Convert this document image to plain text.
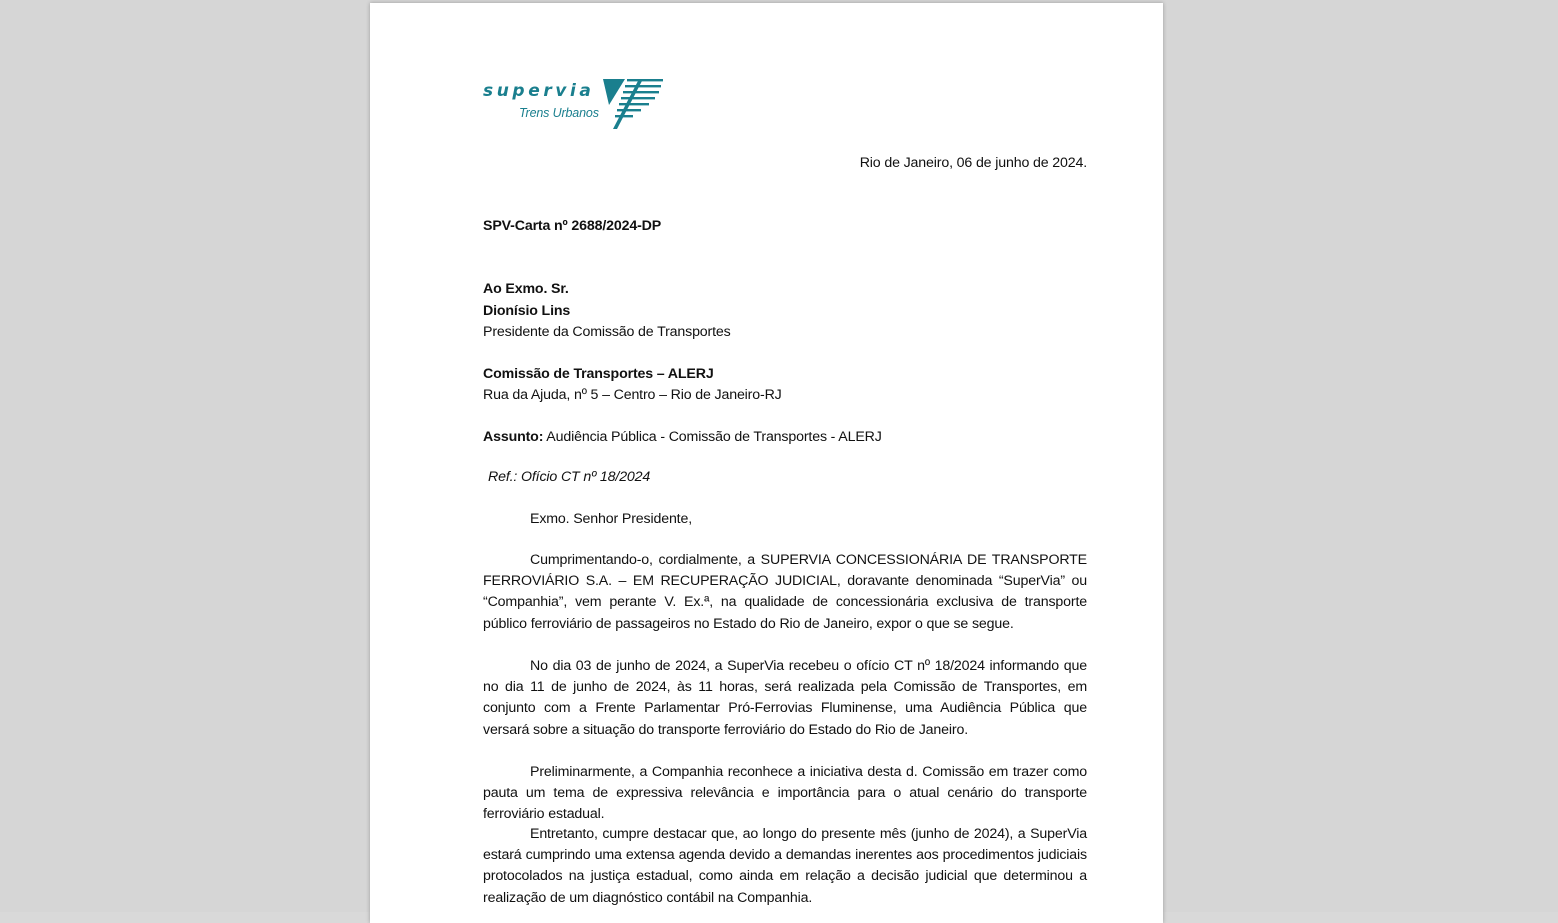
supervia
Trens Urbanos
Rio de Janeiro, 06 de junho de 2024.
SPV-Carta nº 2688/2024-DP
Ao Exmo. Sr.
Dionísio Lins
Presidente da Comissão de Transportes
Comissão de Transportes – ALERJ
Rua da Ajuda, nº 5 – Centro – Rio de Janeiro-RJ
Assunto: Audiência Pública - Comissão de Transportes - ALERJ
Ref.: Ofício CT nº 18/2024
Exmo. Senhor Presidente,

Cumprimentando-o, cordialmente, a SUPERVIA CONCESSIONÁRIA DE TRANSPORTE FERROVIÁRIO S.A. – EM RECUPERAÇÃO JUDICIAL, doravante denominada “SuperVia” ou “Companhia”, vem perante V. Ex.ª, na qualidade de concessionária exclusiva de transporte público ferroviário de passageiros no Estado do Rio de Janeiro, expor o que se segue.

No dia 03 de junho de 2024, a SuperVia recebeu o ofício CT nº 18/2024 informando que no dia 11 de junho de 2024, às 11 horas, será realizada pela Comissão de Transportes, em conjunto com a Frente Parlamentar Pró-Ferrovias Fluminense, uma Audiência Pública que versará sobre a situação do transporte ferroviário do Estado do Rio de Janeiro.

Preliminarmente, a Companhia reconhece a iniciativa desta d. Comissão em trazer como pauta um tema de expressiva relevância e importância para o atual cenário do transporte ferroviário estadual.

Entretanto, cumpre destacar que, ao longo do presente mês (junho de 2024), a SuperVia estará cumprindo uma extensa agenda devido a demandas inerentes aos procedimentos judiciais protocolados na justiça estadual, como ainda em relação a decisão judicial que determinou a realização de um diagnóstico contábil na Companhia.
